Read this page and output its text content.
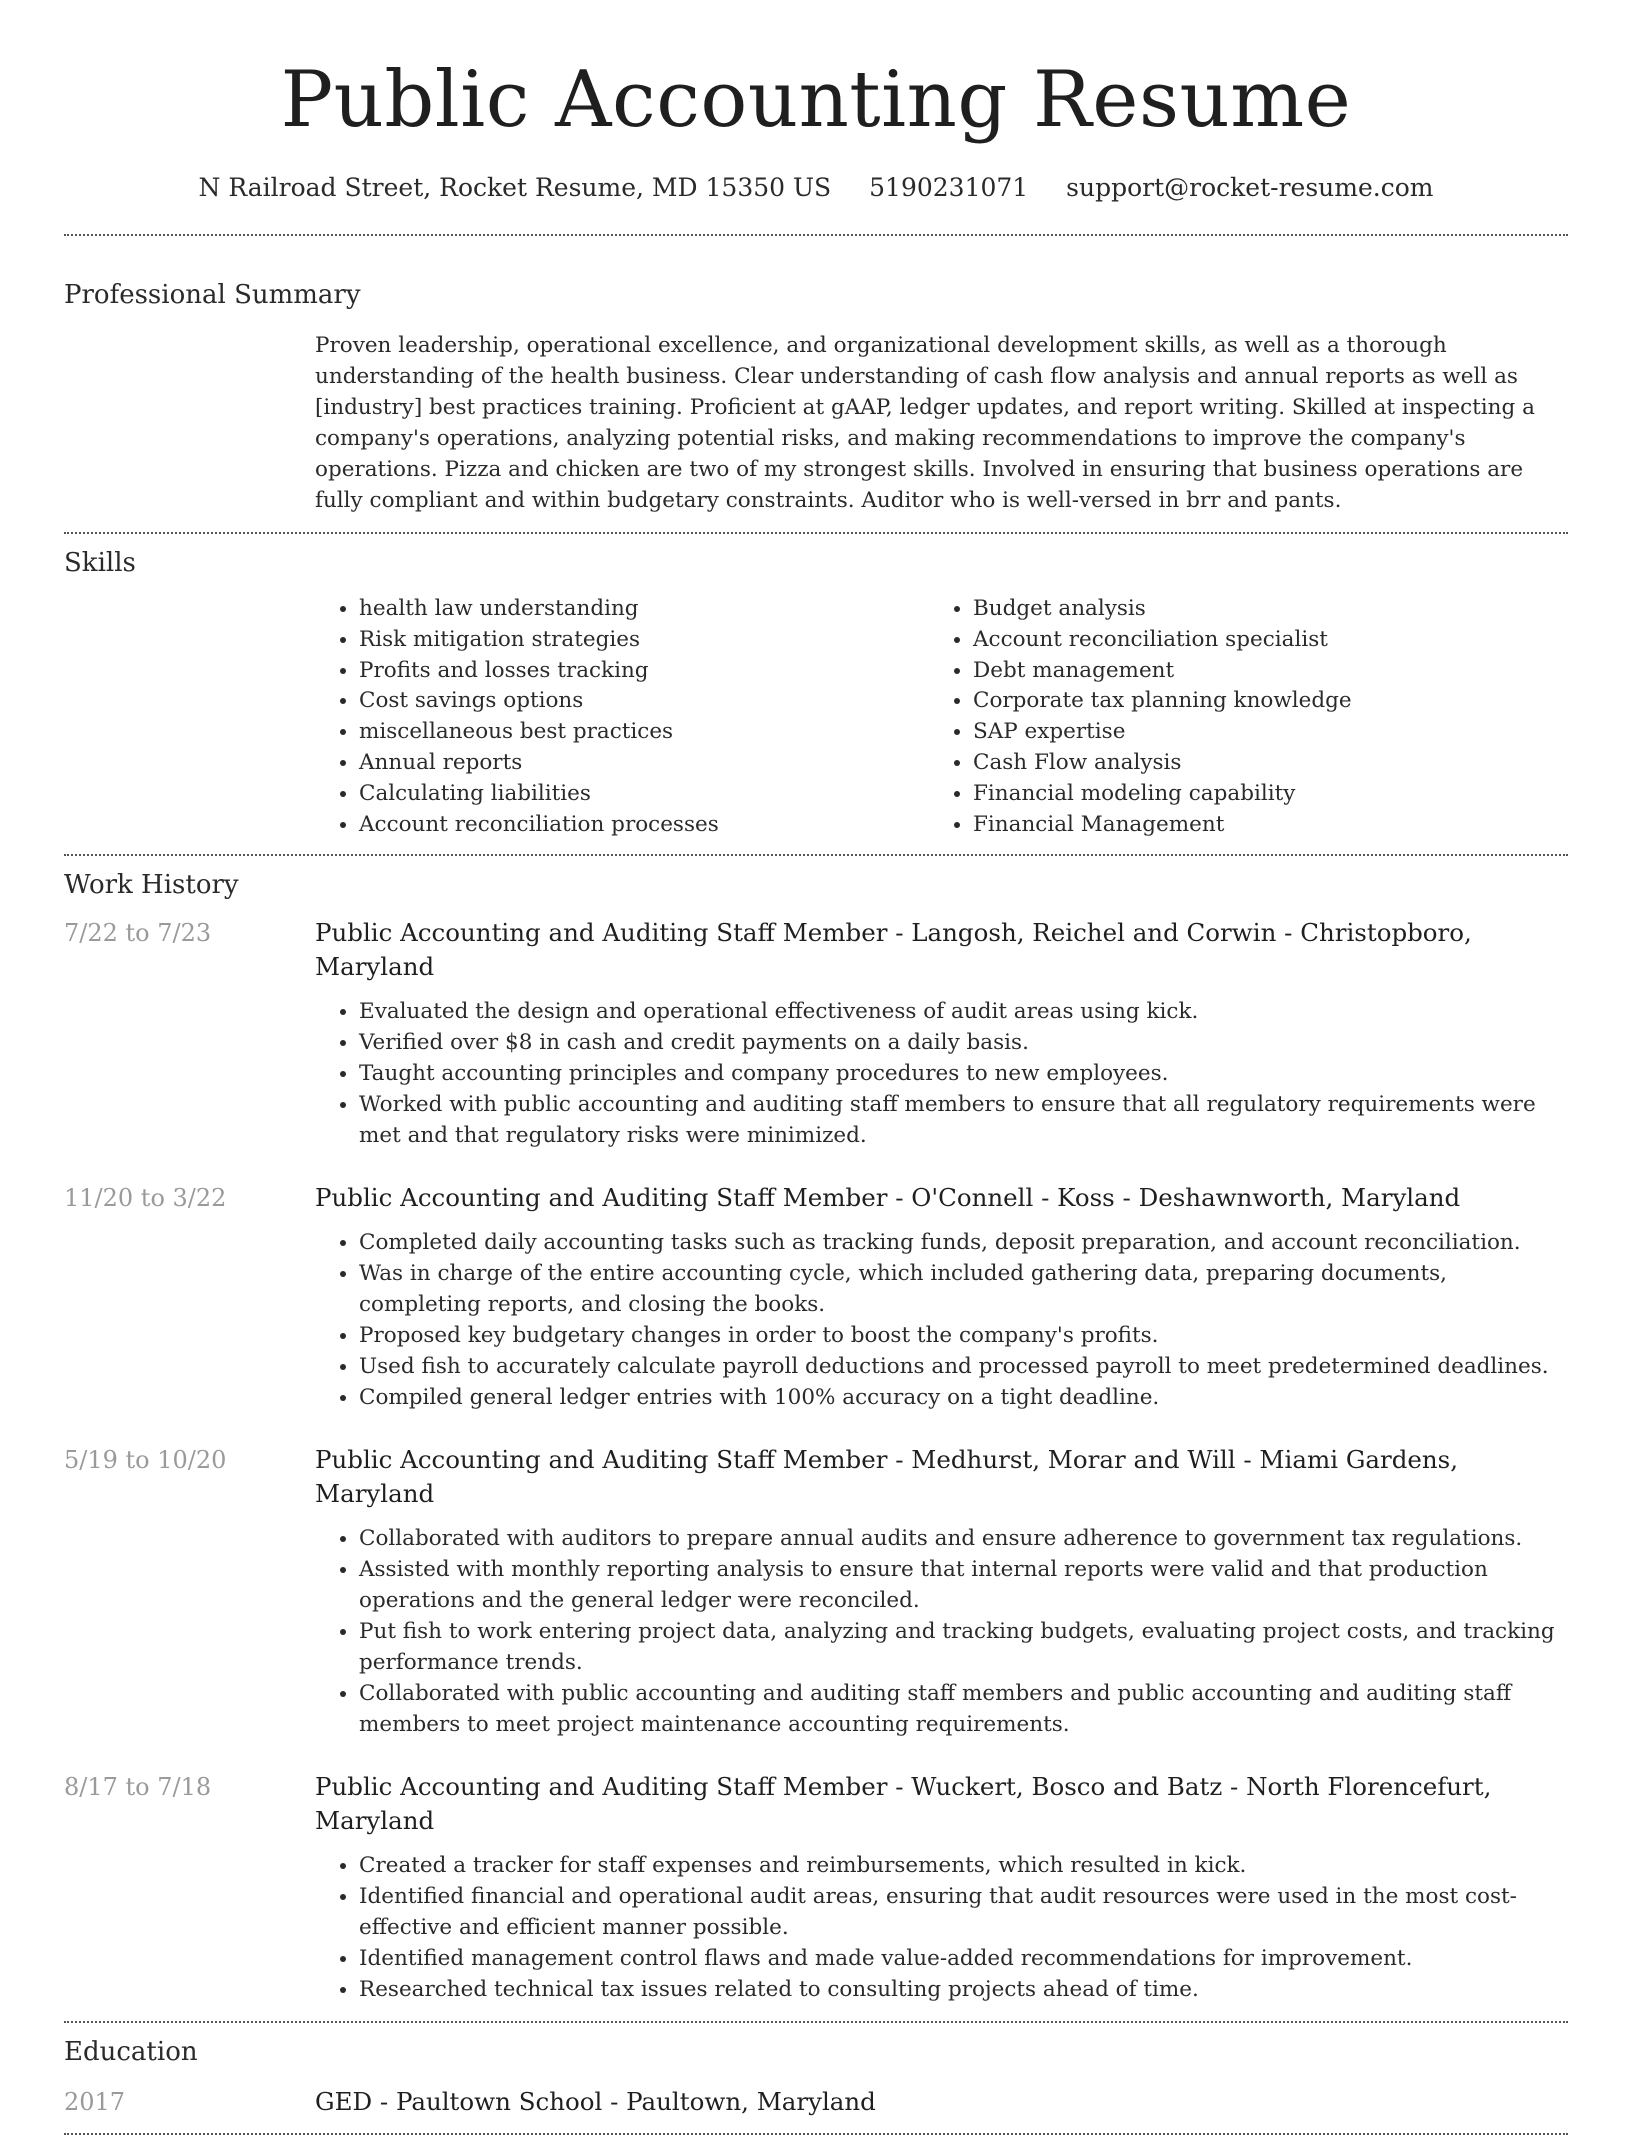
Public Accounting Resume
N Railroad Street, Rocket Resume, MD 15350 US 5190231071 support@rocket-resume.com
Professional Summary
Proven leadership, operational excellence, and organizational development skills, as well as a thorough understanding of the health business. Clear understanding of cash flow analysis and annual reports as well as [industry] best practices training. Proficient at gAAP, ledger updates, and report writing. Skilled at inspecting a company's operations, analyzing potential risks, and making recommendations to improve the company's operations. Pizza and chicken are two of my strongest skills. Involved in ensuring that business operations are fully compliant and within budgetary constraints. Auditor who is well-versed in brr and pants.
Skills
• health law understanding
• Risk mitigation strategies
• Profits and losses tracking
• Cost savings options
• miscellaneous best practices
• Annual reports
• Calculating liabilities
• Account reconciliation processes
• Budget analysis
• Account reconciliation specialist
• Debt management
• Corporate tax planning knowledge
• SAP expertise
• Cash Flow analysis
• Financial modeling capability
• Financial Management
Work History
7/22 to 7/23	Public Accounting and Auditing Staff Member - Langosh, Reichel and Corwin - Christopboro, Maryland
• Evaluated the design and operational effectiveness of audit areas using kick.
• Verified over $8 in cash and credit payments on a daily basis.
• Taught accounting principles and company procedures to new employees.
• Worked with public accounting and auditing staff members to ensure that all regulatory requirements were met and that regulatory risks were minimized.
11/20 to 3/22	Public Accounting and Auditing Staff Member - O'Connell - Koss - Deshawnworth, Maryland
• Completed daily accounting tasks such as tracking funds, deposit preparation, and account reconciliation.
• Was in charge of the entire accounting cycle, which included gathering data, preparing documents, completing reports, and closing the books.
• Proposed key budgetary changes in order to boost the company's profits.
• Used fish to accurately calculate payroll deductions and processed payroll to meet predetermined deadlines.
• Compiled general ledger entries with 100% accuracy on a tight deadline.
5/19 to 10/20	Public Accounting and Auditing Staff Member - Medhurst, Morar and Will - Miami Gardens, Maryland
• Collaborated with auditors to prepare annual audits and ensure adherence to government tax regulations.
• Assisted with monthly reporting analysis to ensure that internal reports were valid and that production operations and the general ledger were reconciled.
• Put fish to work entering project data, analyzing and tracking budgets, evaluating project costs, and tracking performance trends.
• Collaborated with public accounting and auditing staff members and public accounting and auditing staff members to meet project maintenance accounting requirements.
8/17 to 7/18	Public Accounting and Auditing Staff Member - Wuckert, Bosco and Batz - North Florencefurt, Maryland
• Created a tracker for staff expenses and reimbursements, which resulted in kick.
• Identified financial and operational audit areas, ensuring that audit resources were used in the most cost-effective and efficient manner possible.
• Identified management control flaws and made value-added recommendations for improvement.
• Researched technical tax issues related to consulting projects ahead of time.
Education
2017	GED - Paultown School - Paultown, Maryland
